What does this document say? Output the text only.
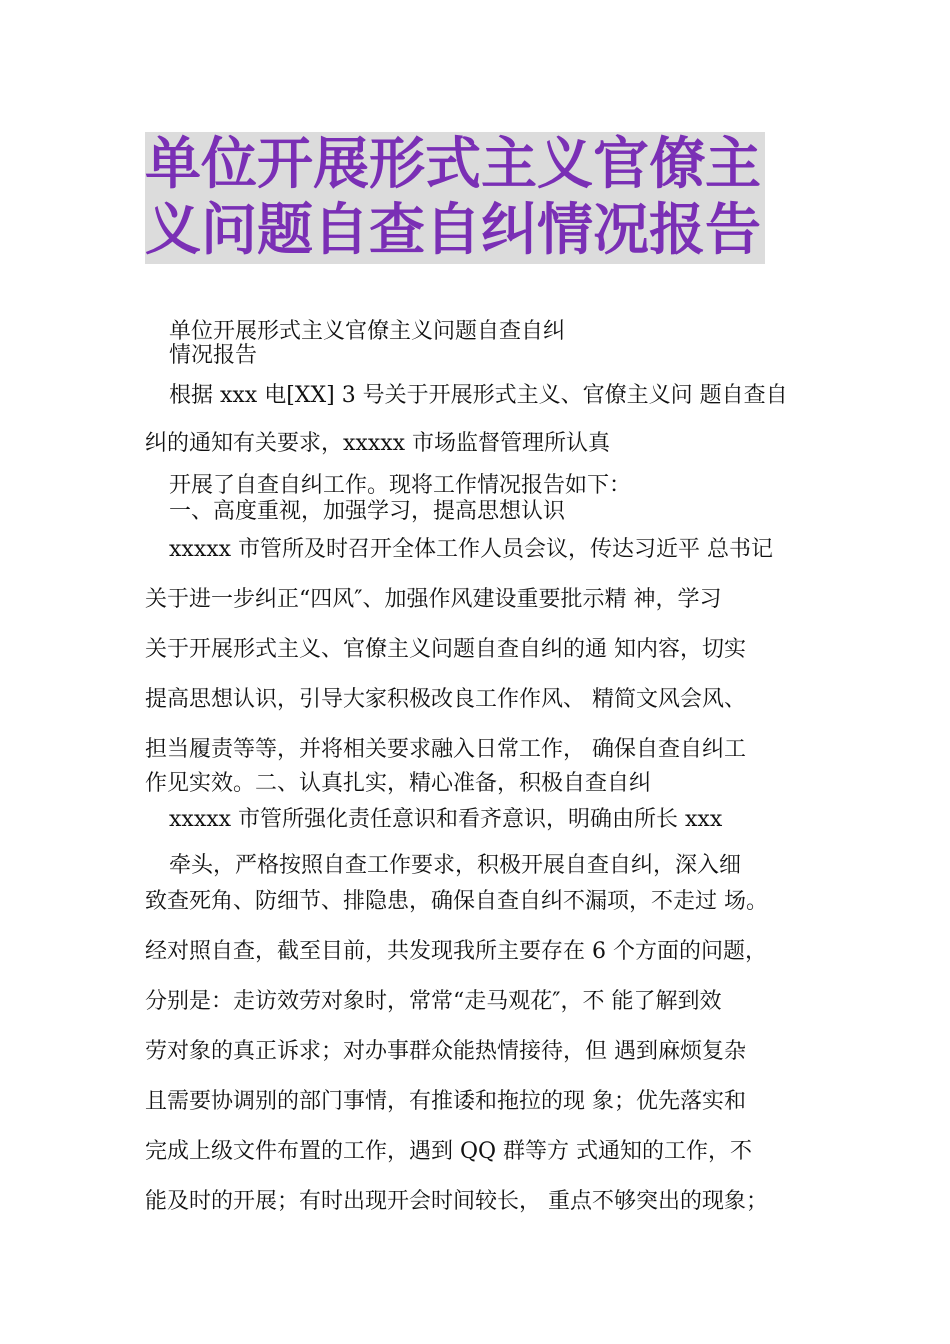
单位开展形式主义官僚主
义问题自查自纠情况报告
单位开展形式主义官僚主义问题自查自纠
情况报告
根据 xxx 电[XX] 3 号关于开展形式主义、官僚主义问 题自查自
纠的通知有关要求，xxxxx 市场监督管理所认真
开展了自查自纠工作。现将工作情况报告如下：
一、高度重视，加强学习，提高思想认识
xxxxx 市管所及时召开全体工作人员会议，传达习近平 总书记
关于进一步纠正“四风″、加强作风建设重要批示精 神，学习
关于开展形式主义、官僚主义问题自查自纠的通 知内容，切实
提高思想认识，引导大家积极改良工作作风、 精简文风会风、
担当履责等等，并将相关要求融入日常工作， 确保自查自纠工
作见实效。二、认真扎实，精心准备，积极自查自纠
xxxxx 市管所强化责任意识和看齐意识，明确由所长 xxx
牵头，严格按照自查工作要求，积极开展自查自纠，深入细
致查死角、防细节、排隐患，确保自查自纠不漏项，不走过 场。
经对照自查，截至目前，共发现我所主要存在 6 个方面的问题，
分别是：走访效劳对象时，常常“走马观花″，不 能了解到效
劳对象的真正诉求；对办事群众能热情接待，但 遇到麻烦复杂
且需要协调别的部门事情，有推诿和拖拉的现 象；优先落实和
完成上级文件布置的工作，遇到 QQ 群等方 式通知的工作，不
能及时的开展；有时出现开会时间较长， 重点不够突出的现象；
